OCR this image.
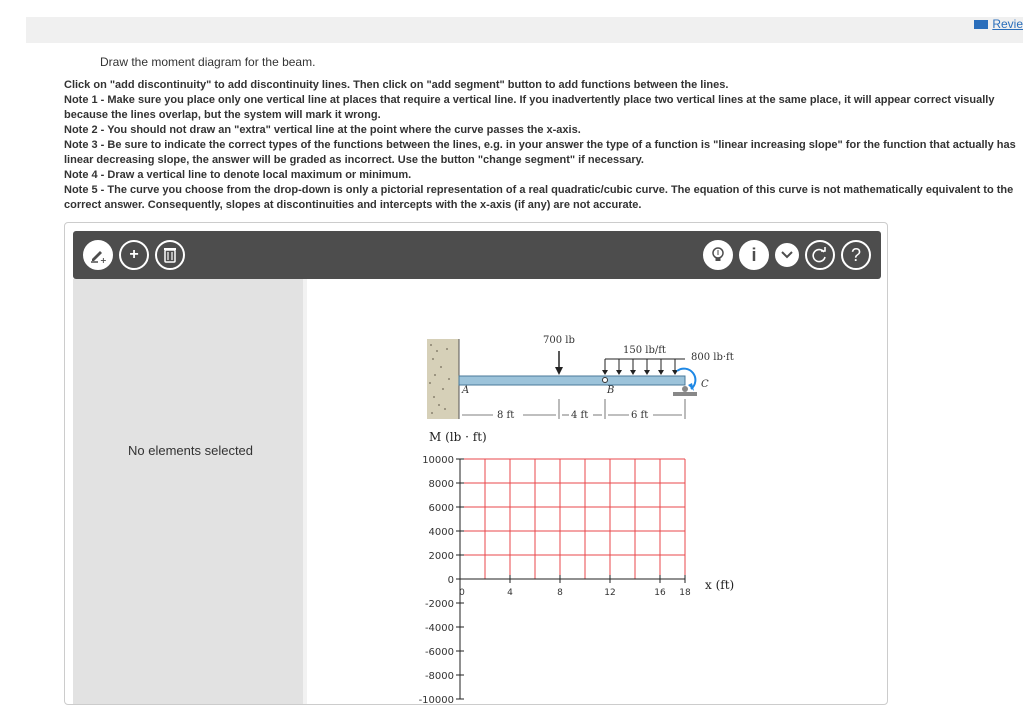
Revie
Draw the moment diagram for the beam.

Click on "add discontinuity" to add discontinuity lines. Then click on "add segment" button to add functions between the lines.

Note 1 - Make sure you place only one vertical line at places that require a vertical line. If you inadvertently place two vertical lines at the same place, it will appear correct visually because the lines overlap, but the system will mark it wrong.

Note 2 - You should not draw an "extra" vertical line at the point where the curve passes the x-axis.

Note 3 - Be sure to indicate the correct types of the functions between the lines, e.g. in your answer the type of a function is "linear increasing slope" for the function that actually has linear decreasing slope, the answer will be graded as incorrect. Use the button "change segment" if necessary.

Note 4 - Draw a vertical line to denote local maximum or minimum.

Note 5 - The curve you choose from the drop-down is only a pictorial representation of a real quadratic/cubic curve. The equation of this curve is not mathematically equivalent to the correct answer. Consequently, slopes at discontinuities and intercepts with the x-axis (if any) are not accurate.

+ +	i	?
No elements selected
700 lb
150 lb/ft
800 lb·ft
A	B
C
8 ft	4 ft	6 ft
M (lb · ft)
x (ft)
10000
8000
6000
4000
2000
0
-2000
-4000
-6000
-8000
-10000
0	4	8	12	16 18
